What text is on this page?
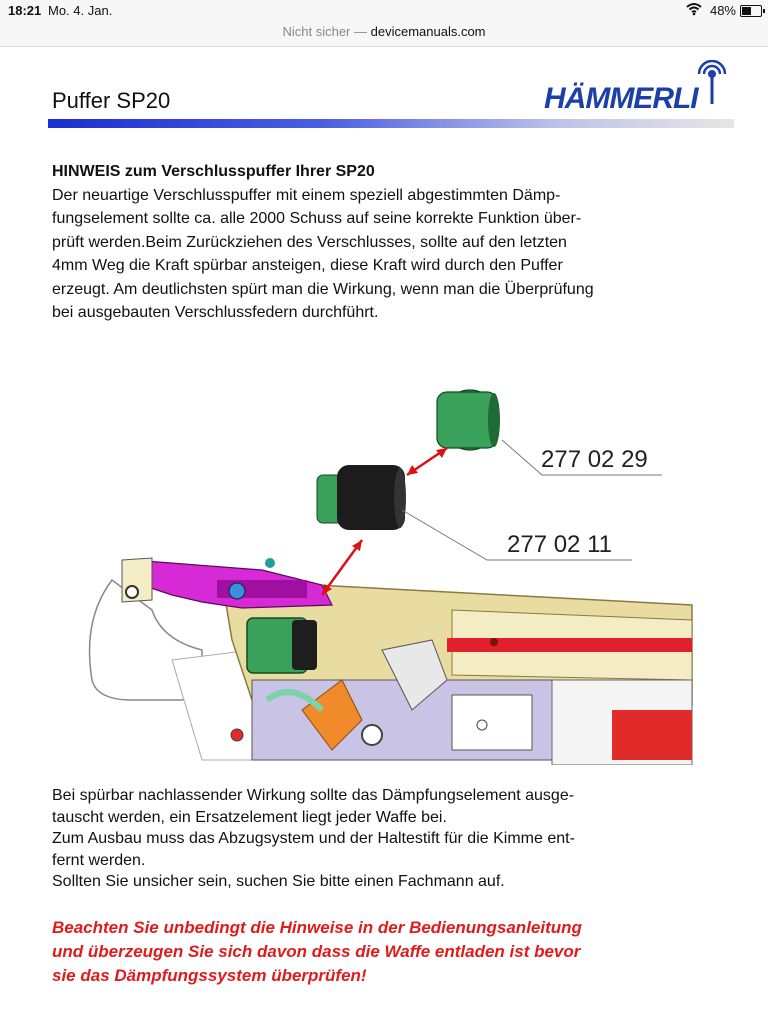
18:21 Mo. 4. Jan.	48%
Nicht sicher — devicemanuals.com
Puffer SP20	HÄMMERLI
HINWEIS zum Verschlusspuffer Ihrer SP20
Der neuartige Verschlusspuffer mit einem speziell abgestimmten Dämp-
fungselement sollte ca. alle 2000 Schuss auf seine korrekte Funktion über-
prüft werden.Beim Zurückziehen des Verschlusses, sollte auf den letzten
4mm Weg die Kraft spürbar ansteigen, diese Kraft wird durch den Puffer
erzeugt. Am deutlichsten spürt man die Wirkung, wenn man die Überprüfung
bei ausgebauten Verschlussfedern durchführt.
277 02 29
277 02 11
Bei spürbar nachlassender Wirkung sollte das Dämpfungselement ausge-
tauscht werden, ein Ersatzelement liegt jeder Waffe bei.
Zum Ausbau muss das Abzugsystem und der Haltestift für die Kimme ent-
fernt werden.
Sollten Sie unsicher sein, suchen Sie bitte einen Fachmann auf.
Beachten Sie unbedingt die Hinweise in der Bedienungsanleitung
und überzeugen Sie sich davon dass die Waffe entladen ist bevor
sie das Dämpfungssystem überprüfen!
